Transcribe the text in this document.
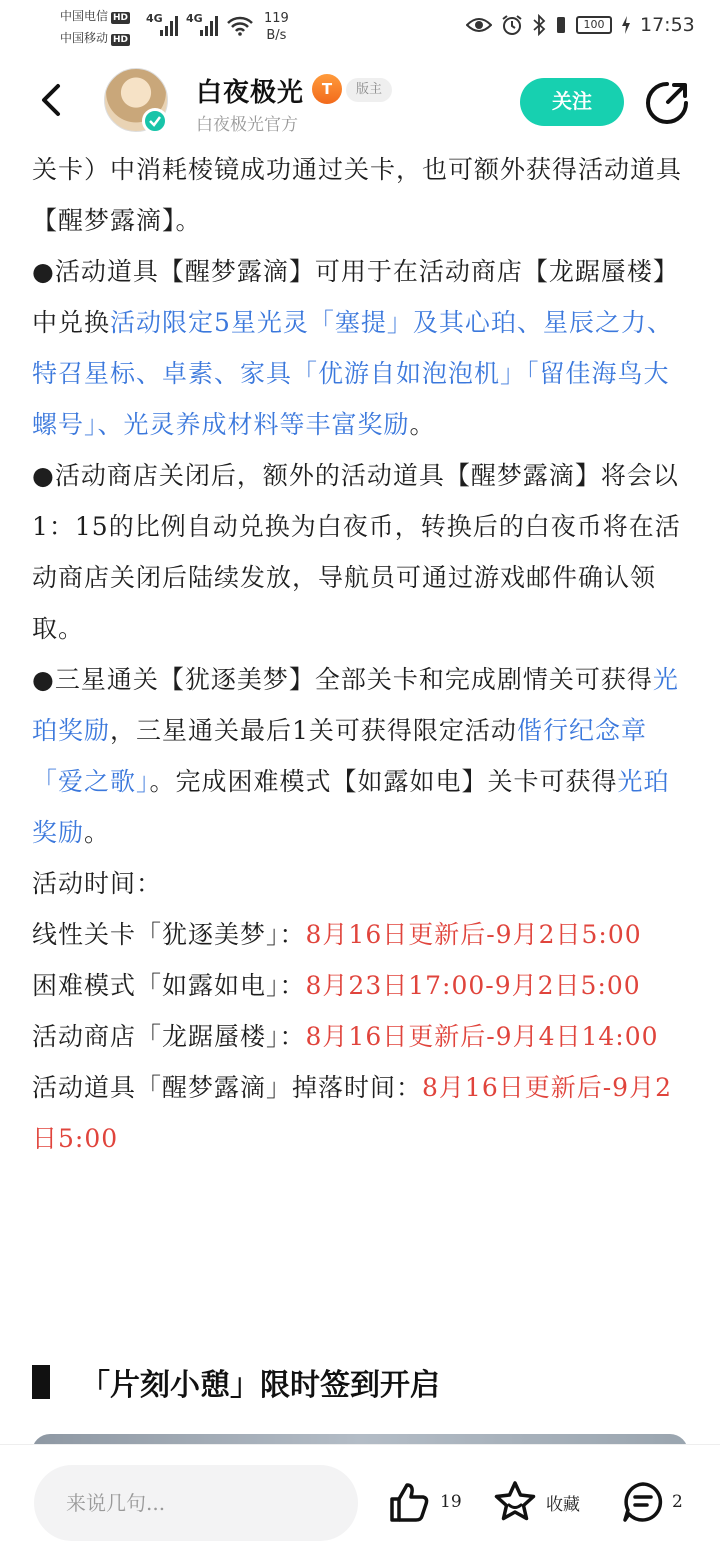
中国电信 HD
中国移动 HD
4G 4G	119
B/s
100	17:53
白夜极光	T	版主
白夜极光官方
关注

关卡）中消耗棱镜成功通过关卡，也可额外获得活动道具【醒梦露滴】。

●活动道具【醒梦露滴】可用于在活动商店【龙踞蜃楼】中兑换活动限定5星光灵「塞提」及其心珀、星辰之力、特召星标、卓素、家具「优游自如泡泡机」「留佳海鸟大螺号」、光灵养成材料等丰富奖励。

●活动商店关闭后，额外的活动道具【醒梦露滴】将会以1：15的比例自动兑换为白夜币，转换后的白夜币将在活动商店关闭后陆续发放，导航员可通过游戏邮件确认领取。

●三星通关【犹逐美梦】全部关卡和完成剧情关可获得光珀奖励，三星通关最后1关可获得限定活动偕行纪念章「爱之歌」。完成困难模式【如露如电】关卡可获得光珀奖励。

活动时间：

线性关卡「犹逐美梦」：8月16日更新后-9月2日5:00

困难模式「如露如电」：8月23日17:00-9月2日5:00

活动商店「龙踞蜃楼」：8月16日更新后-9月4日14:00

活动道具「醒梦露滴」掉落时间：8月16日更新后-9月2日5:00

「片刻小憩」限时签到开启
来说几句...
19	收藏	2
